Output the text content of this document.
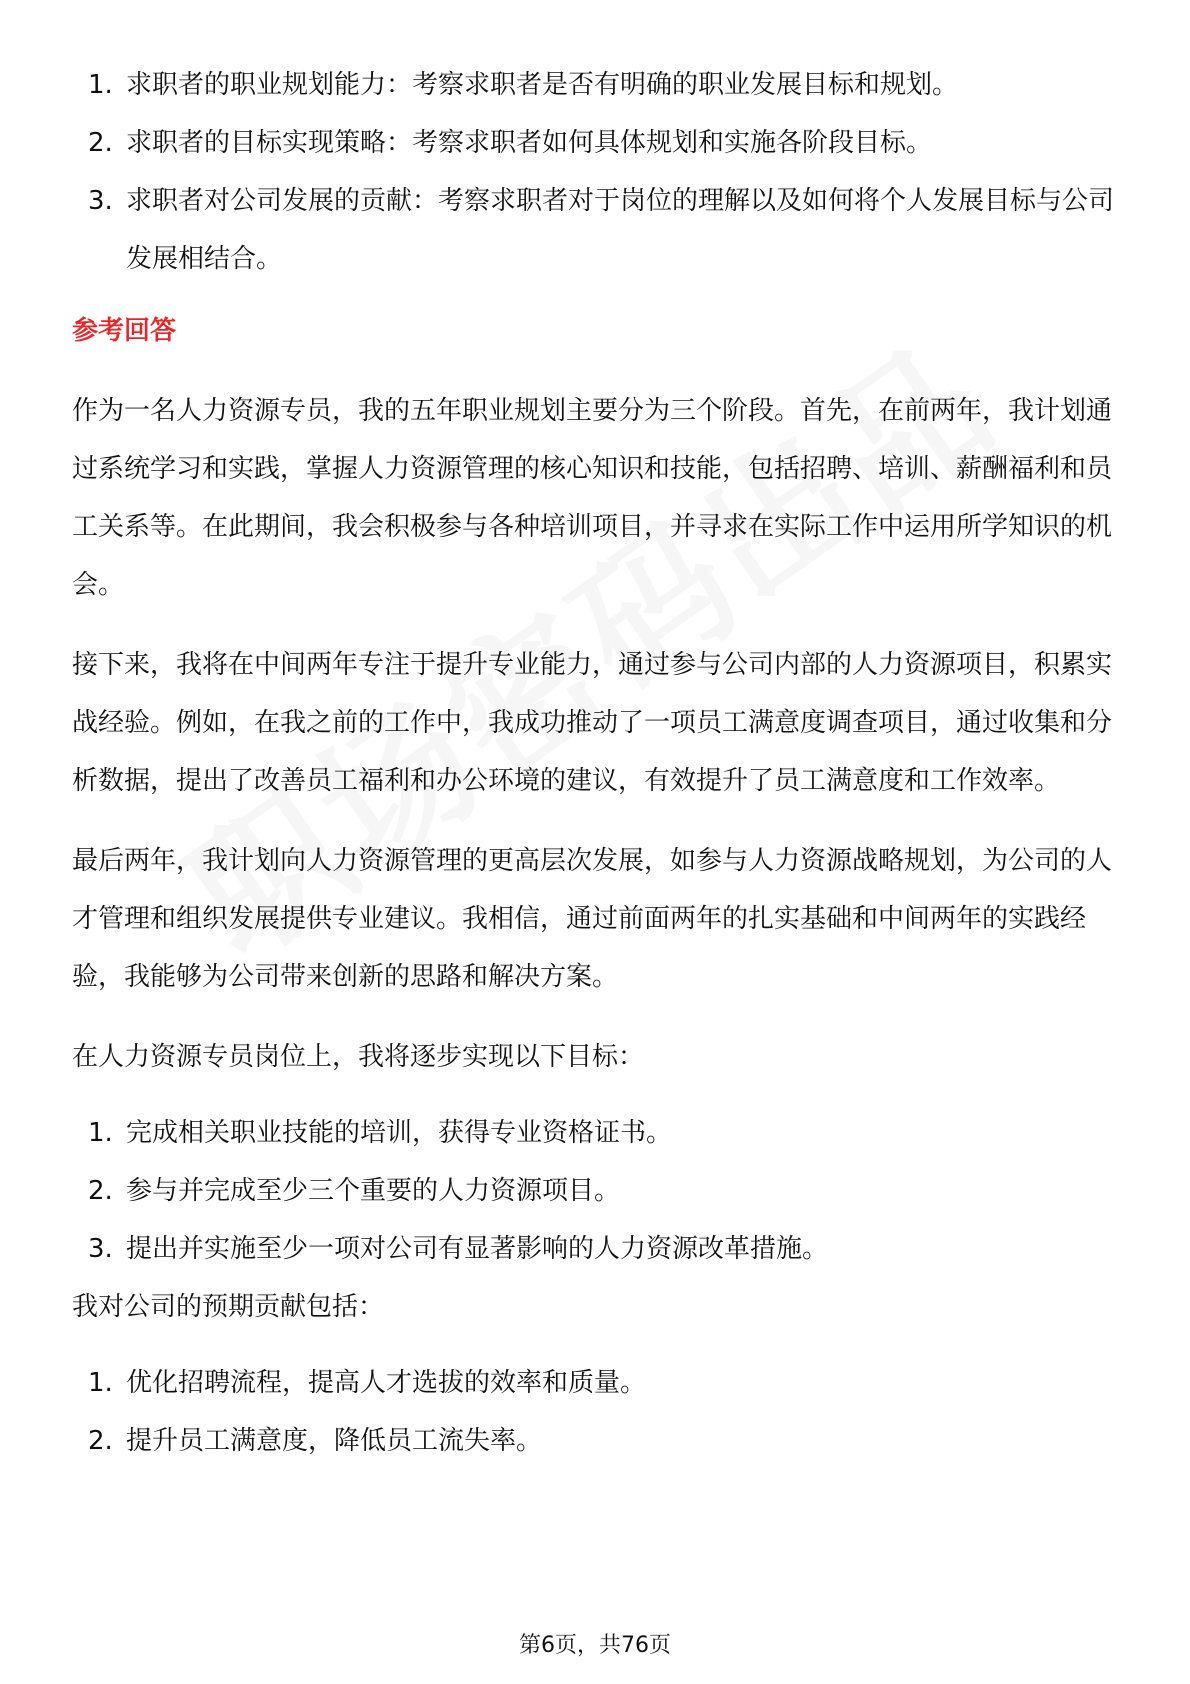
1. 求职者的职业规划能力：考察求职者是否有明确的职业发展目标和规划。
2. 求职者的目标实现策略：考察求职者如何具体规划和实施各阶段目标。
3. 求职者对公司发展的贡献：考察求职者对于岗位的理解以及如何将个人发展目标与公司发展相结合。
参考回答

作为一名人力资源专员，我的五年职业规划主要分为三个阶段。首先，在前两年，我计划通过系统学习和实践，掌握人力资源管理的核心知识和技能，包括招聘、培训、薪酬福利和员工关系等。在此期间，我会积极参与各种培训项目，并寻求在实际工作中运用所学知识的机会。

接下来，我将在中间两年专注于提升专业能力，通过参与公司内部的人力资源项目，积累实战经验。例如，在我之前的工作中，我成功推动了一项员工满意度调查项目，通过收集和分析数据，提出了改善员工福利和办公环境的建议，有效提升了员工满意度和工作效率。

最后两年，我计划向人力资源管理的更高层次发展，如参与人力资源战略规划，为公司的人才管理和组织发展提供专业建议。我相信，通过前面两年的扎实基础和中间两年的实践经验，我能够为公司带来创新的思路和解决方案。

在人力资源专员岗位上，我将逐步实现以下目标：

1. 完成相关职业技能的培训，获得专业资格证书。
2. 参与并完成至少三个重要的人力资源项目。
3. 提出并实施至少一项对公司有显著影响的人力资源改革措施。

我对公司的预期贡献包括：

1. 优化招聘流程，提高人才选拔的效率和质量。
2. 提升员工满意度，降低员工流失率。
第6页，共76页
